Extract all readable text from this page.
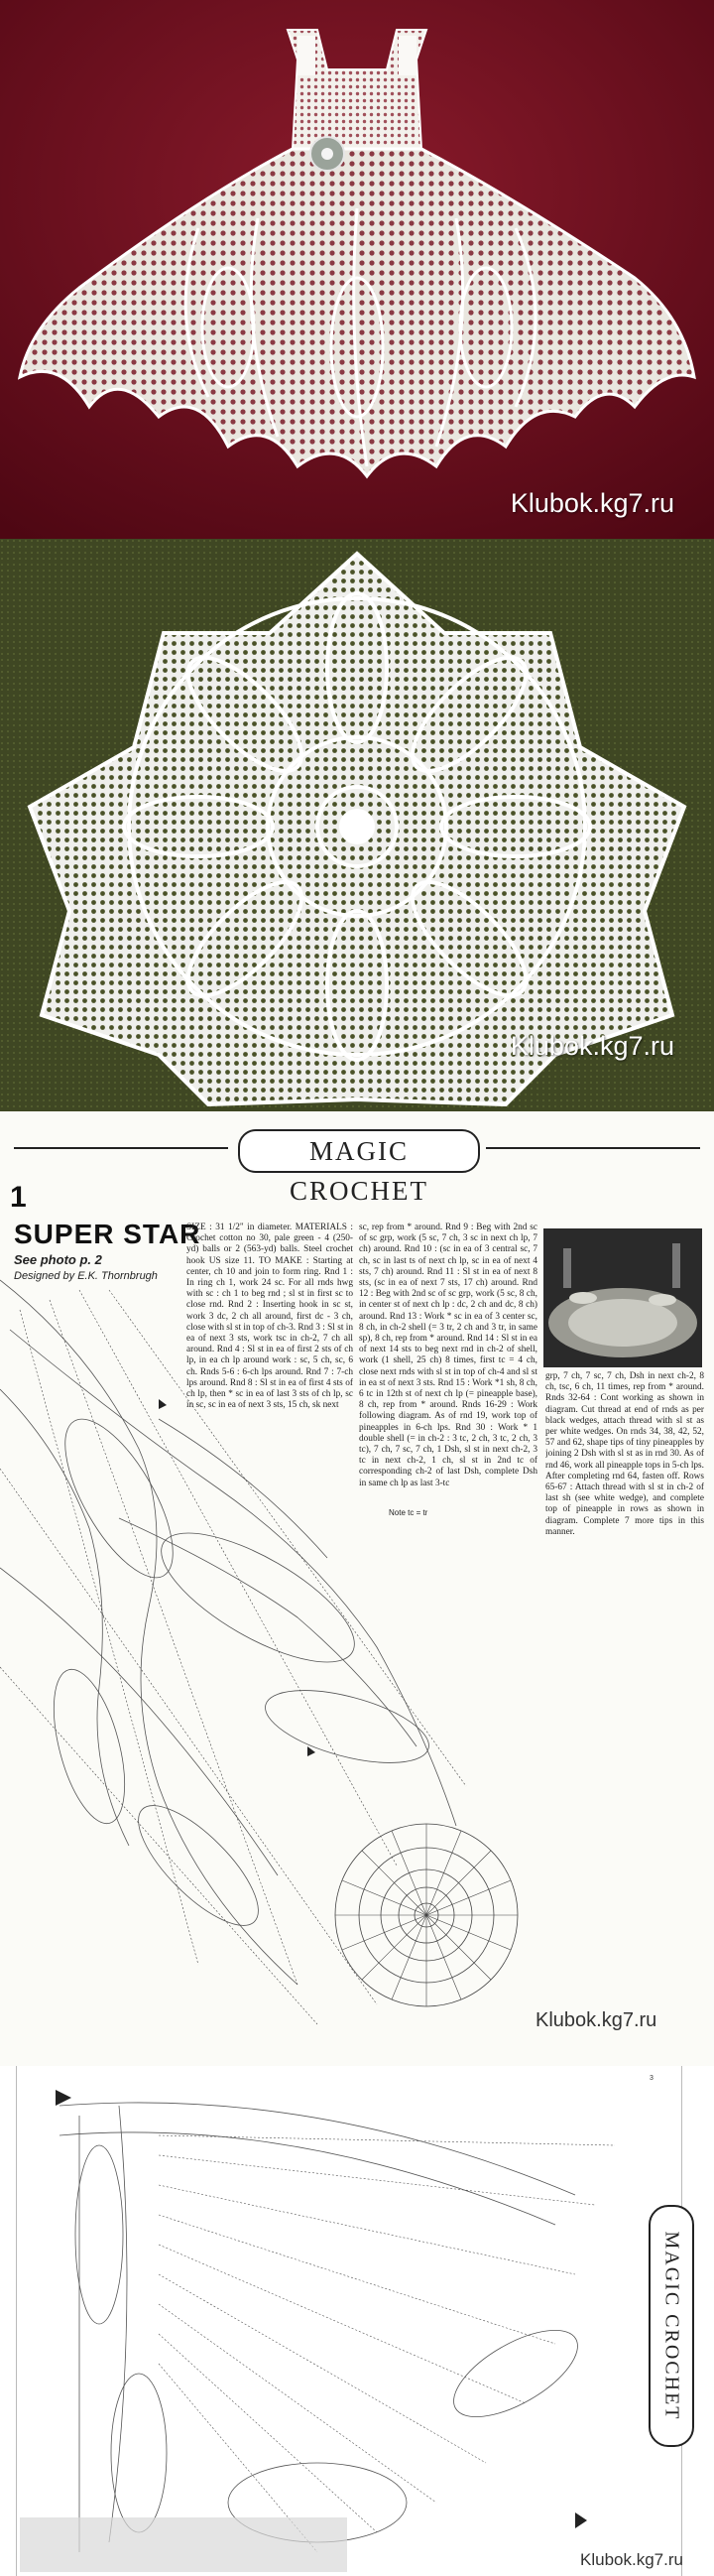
Klubok.kg7.ru
Klubok.kg7.ru
MAGIC CROCHET
1
SUPER STAR
See photo p. 2
Designed by E.K. Thornbrugh
SIZE : 31 1/2" in diameter. MATERIALS : Crochet cotton no 30, pale green - 4 (250-yd) balls or 2 (563-yd) balls. Steel crochet hook US size 11. TO MAKE : Starting at center, ch 10 and join to form ring. Rnd 1 : In ring ch 1, work 24 sc. For all rnds hwg with sc : ch 1 to beg rnd ; sl st in first sc to close rnd. Rnd 2 : Inserting hook in sc st, work 3 dc, 2 ch all around, first dc - 3 ch, close with sl st in top of ch-3. Rnd 3 : Sl st in ea of next 3 sts, work tsc in ch-2, 7 ch all around. Rnd 4 : Sl st in ea of first 2 sts of ch lp, in ea ch lp around work : sc, 5 ch, sc, 6 ch. Rnds 5-6 : 6-ch lps around. Rnd 7 : 7-ch lps around. Rnd 8 : Sl st in ea of first 4 sts of ch lp, then * sc in ea of last 3 sts of ch lp, sc in sc, sc in ea of next 3 sts, 15 ch, sk next
sc, rep from * around. Rnd 9 : Beg with 2nd sc of sc grp, work (5 sc, 7 ch, 3 sc in next ch lp, 7 ch) around. Rnd 10 : (sc in ea of 3 central sc, 7 ch, sc in last ts of next ch lp, sc in ea of next 4 sts, 7 ch) around. Rnd 11 : Sl st in ea of next 8 sts, (sc in ea of next 7 sts, 17 ch) around. Rnd 12 : Beg with 2nd sc of sc grp, work (5 sc, 8 ch, in center st of next ch lp : dc, 2 ch and dc, 8 ch) around. Rnd 13 : Work * sc in ea of 3 center sc, 8 ch, in ch-2 shell (= 3 tr, 2 ch and 3 tr, in same sp), 8 ch, rep from * around. Rnd 14 : Sl st in ea of next 14 sts to beg next rnd in ch-2 of shell, work (1 shell, 25 ch) 8 times, first tc = 4 ch, close next rnds with sl st in top of ch-4 and sl st in ea st of next 3 sts. Rnd 15 : Work *1 sh, 8 ch, 6 tc in 12th st of next ch lp (= pineapple base), 8 ch, rep from * around. Rnds 16-29 : Work following diagram. As of rnd 19, work top of pineapples in 6-ch lps. Rnd 30 : Work * 1 double shell (= in ch-2 : 3 tc, 2 ch, 3 tc, 2 ch, 3 tc), 7 ch, 7 sc, 7 ch, 1 Dsh, sl st in next ch-2, 3 tc in next ch-2, 1 ch, sl st in 2nd tc of corresponding ch-2 of last Dsh, complete Dsh in same ch lp as last 3-tc
grp, 7 ch, 7 sc, 7 ch, Dsh in next ch-2, 8 ch, tsc, 6 ch, 11 times, rep from * around. Rnds 32-64 : Cont working as shown in diagram. Cut thread at end of rnds as per black wedges, attach thread with sl st as per white wedges. On rnds 34, 38, 42, 52, 57 and 62, shape tips of tiny pineapples by joining 2 Dsh with sl st as in rnd 30. As of rnd 46, work all pineapple tops in 5-ch lps. After completing rnd 64, fasten off. Rows 65-67 : Attach thread with sl st in ch-2 of last sh (see white wedge), and complete top of pineapple in rows as shown in diagram. Complete 7 more tips in this manner.
Note tc = tr
Klubok.kg7.ru
3
MAGIC CROCHET
Klubok.kg7.ru
